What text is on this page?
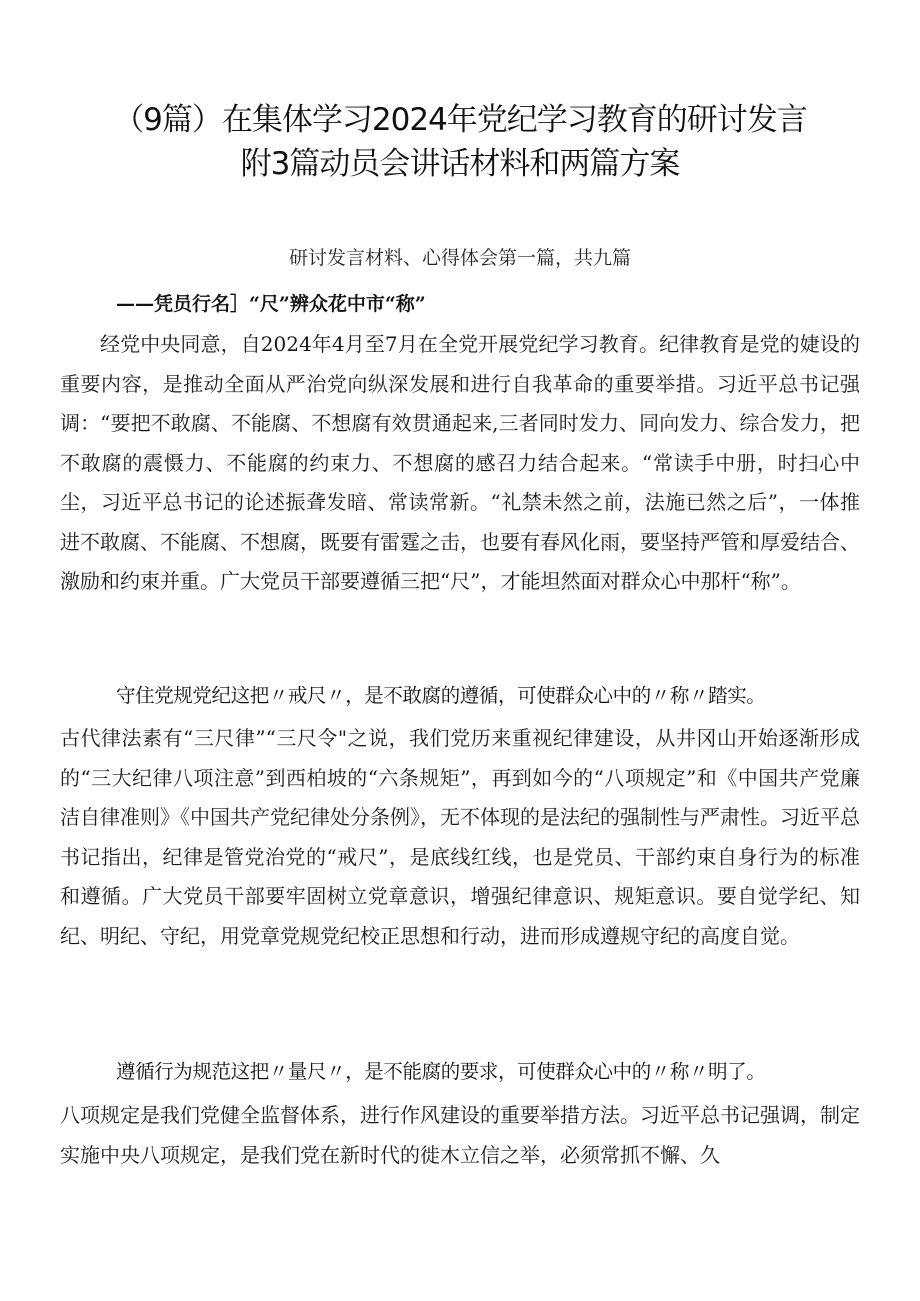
（9篇）在集体学习2024年党纪学习教育的研讨发言
附3篇动员会讲话材料和两篇方案
研讨发言材料、心得体会第一篇，共九篇
——凭员行名］“尺”辨众花中市“称”

经党中央同意，自2024年4月至7月在全党开展党纪学习教育。纪律教育是党的婕设的重要内容，是推动全面从严治党向纵深发展和进行自我革命的重要举措。习近平总书记强调：“要把不敢腐、不能腐、不想腐有效贯通起来,三者同时发力、同向发力、综合发力，把不敢腐的震慑力、不能腐的约束力、不想腐的感召力结合起来。“常读手中册，时扫心中尘，习近平总书记的论述振聋发暗、常读常新。“礼禁未然之前，法施已然之后”，一体推进不敢腐、不能腐、不想腐，既要有雷霆之击，也要有春风化雨，要坚持严管和厚爱结合、激励和约束并重。广大党员干部要遵循三把“尺”，才能坦然面对群众心中那杆“称”。

守住党规党纪这把〃戒尺〃，是不敢腐的遵循，可使群众心中的〃称〃踏实。

古代律法素有“三尺律”“三尺令"之说，我们党历来重视纪律建设，从井冈山开始逐渐形成的“三大纪律八项注意”到西柏坡的“六条规矩”，再到如今的“八项规定”和《中国共产党廉洁自律准则》《中国共产党纪律处分条例》，无不体现的是法纪的强制性与严肃性。习近平总书记指出，纪律是管党治党的“戒尺”，是底线红线，也是党员、干部约束自身行为的标准和遵循。广大党员干部要牢固树立党章意识，增强纪律意识、规矩意识。要自觉学纪、知纪、明纪、守纪，用党章党规党纪校正思想和行动，进而形成遵规守纪的高度自觉。

遵循行为规范这把〃量尺〃，是不能腐的要求，可使群众心中的〃称〃明了。

八项规定是我们党健全监督体系，进行作风建设的重要举措方法。习近平总书记强调，制定实施中央八项规定，是我们党在新时代的徙木立信之举，必须常抓不懈、久
